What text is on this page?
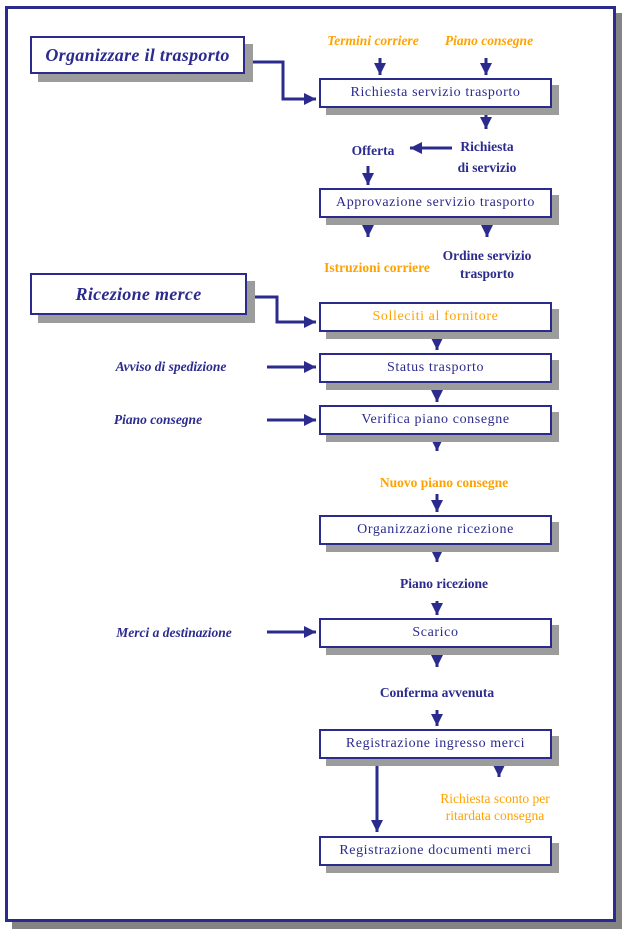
Organizzare il trasporto
Ricezione merce
Richiesta servizio trasporto
Approvazione servizio trasporto
Solleciti al fornitore
Status trasporto
Verifica piano consegne
Organizzazione ricezione
Scarico
Registrazione ingresso merci
Registrazione documenti merci
Termini corriere Piano consegne
Richiesta
di servizio
Offerta
Istruzioni corriere
Ordine servizio
trasporto
Avviso di spedizione
Piano consegne
Nuovo piano consegne
Piano ricezione
Merci a destinazione
Conferma avvenuta
Richiesta sconto per
ritardata consegna
